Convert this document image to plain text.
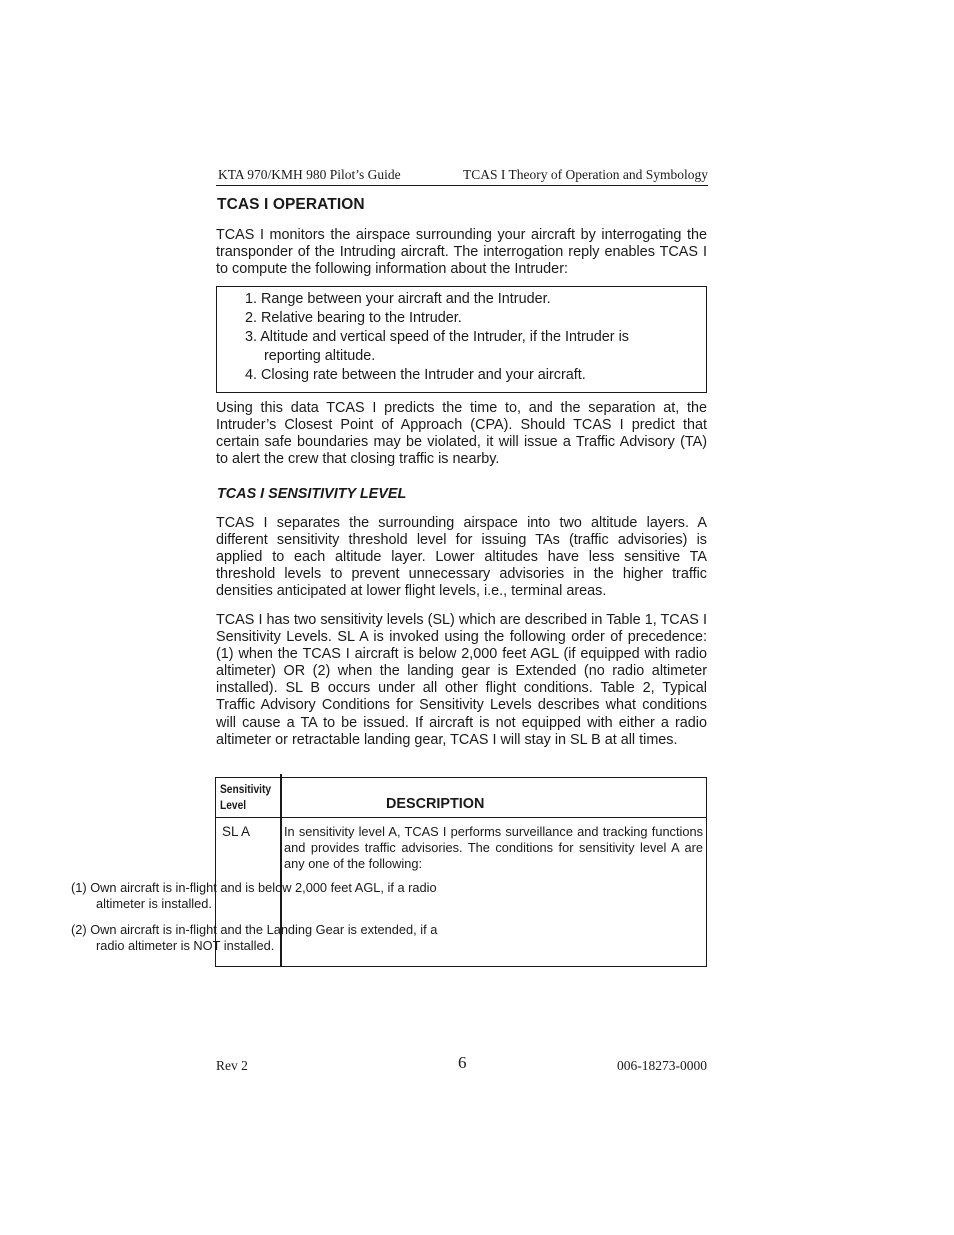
KTA 970/KMH 980 Pilot’s Guide	TCAS I Theory of Operation and Symbology
TCAS I OPERATION
TCAS I monitors the airspace surrounding your aircraft by interrogating the transponder of the Intruding aircraft. The interrogation reply enables TCAS I to compute the following information about the Intruder:
1. Range between your aircraft and the Intruder.
2. Relative bearing to the Intruder.
3. Altitude and vertical speed of the Intruder, if the Intruder is
reporting altitude.
4. Closing rate between the Intruder and your aircraft.
Using this data TCAS I predicts the time to, and the separation at, the Intruder’s Closest Point of Approach (CPA). Should TCAS I predict that certain safe boundaries may be violated, it will issue a Traffic Advisory (TA) to alert the crew that closing traffic is nearby.
TCAS I SENSITIVITY LEVEL
TCAS I separates the surrounding airspace into two altitude layers. A different sensitivity threshold level for issuing TAs (traffic advisories) is applied to each altitude layer. Lower altitudes have less sensitive TA threshold levels to prevent unnecessary advisories in the higher traffic densities anticipated at lower flight levels, i.e., terminal areas.
TCAS I has two sensitivity levels (SL) which are described in Table 1, TCAS I Sensitivity Levels. SL A is invoked using the following order of precedence: (1) when the TCAS I aircraft is below 2,000 feet AGL (if equipped with radio altimeter) OR (2) when the landing gear is Extended (no radio altimeter installed). SL B occurs under all other flight conditions. Table 2, Typical Traffic Advisory Conditions for Sensitivity Levels describes what conditions will cause a TA to be issued. If aircraft is not equipped with either a radio altimeter or retractable landing gear, TCAS I will stay in SL B at all times.
Sensitivity
Level	DESCRIPTION
SL A	In sensitivity level A, TCAS I performs surveillance and tracking functions and provides traffic advisories. The conditions for sensitivity level A are any one of the following:
(1) Own aircraft is in-flight and is below 2,000 feet AGL, if a radio
altimeter is installed.
(2) Own aircraft is in-flight and the Landing Gear is extended, if a
radio altimeter is NOT installed.
Rev 2	6	006-18273-0000
